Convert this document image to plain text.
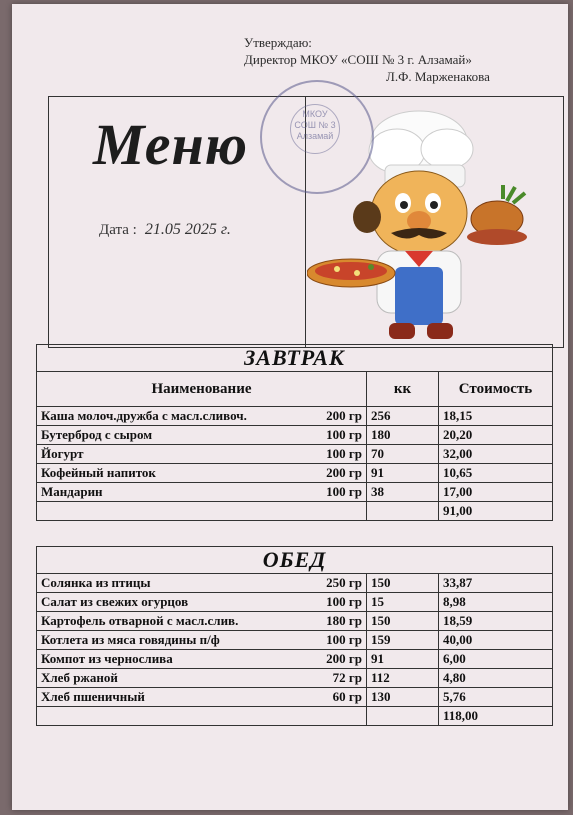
Утверждаю:
Директор МКОУ «СОШ № 3 г. Алзамай»
Л.Ф. Марженакова
Меню
Дата : 21.05 2025 г.
МКОУ СОШ № 3 Алзамай
ЗАВТРАК		
Наименование	кк	Стоимость

Каша молоч.дружба с масл.сливоч. 200 гр	256	18,15

Бутерброд с сыром 100 гр	180	20,20

Йогурт 100 гр	70	32,00

Кофейный напиток 200 гр	91	10,65

Мандарин 100 гр	38	17,00
		91,00
ОБЕД		

Солянка из птицы 250 гр	150	33,87

Салат из свежих огурцов 100 гр	15	8,98

Картофель отварной с масл.слив. 180 гр	150	18,59

Котлета из мяса говядины п/ф 100 гр	159	40,00

Компот из чернослива 200 гр	91	6,00

Хлеб ржаной 72 гр	112	4,80

Хлеб пшеничный 60 гр	130	5,76
		118,00
